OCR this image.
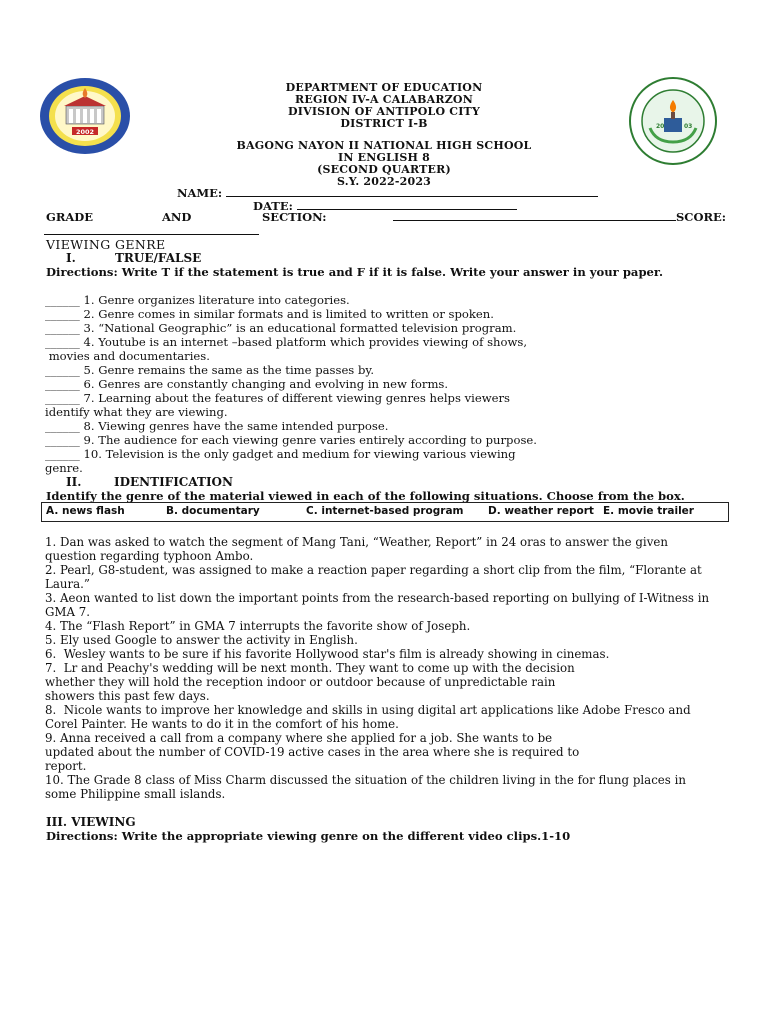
2002
20	03
DEPARTMENT OF EDUCATION
REGION IV-A CALABARZON
DIVISION OF ANTIPOLO CITY
DISTRICT I-B
BAGONG NAYON II NATIONAL HIGH SCHOOL
IN ENGLISH 8
(SECOND QUARTER)
S.Y. 2022-2023
NAME:
DATE:
GRADE	AND	SECTION:	SCORE:
VIEWING GENRE
I.	TRUE/FALSE
Directions: Write T if the statement is true and F if it is false. Write your answer in your paper.
______ 1. Genre organizes literature into categories.
______ 2. Genre comes in similar formats and is limited to written or spoken.
______ 3. “National Geographic” is an educational formatted television program.
______ 4. Youtube is an internet –based platform which provides viewing of shows,
movies and documentaries.
______ 5. Genre remains the same as the time passes by.
______ 6. Genres are constantly changing and evolving in new forms.
______ 7. Learning about the features of different viewing genres helps viewers
identify what they are viewing.
______ 8. Viewing genres have the same intended purpose.
______ 9. The audience for each viewing genre varies entirely according to purpose.
______ 10. Television is the only gadget and medium for viewing various viewing
genre.
II.	IDENTIFICATION
Identify the genre of the material viewed in each of the following situations. Choose from the box.
A. news flash	B. documentary	C. internet-based program D. weather report E. movie trailer
1. Dan was asked to watch the segment of Mang Tani, “Weather, Report” in 24 oras to answer the given
question regarding typhoon Ambo.
2. Pearl, G8-student, was assigned to make a reaction paper regarding a short clip from the film, “Florante at
Laura.”
3. Aeon wanted to list down the important points from the research-based reporting on bullying of I-Witness in
GMA 7.
4. The “Flash Report” in GMA 7 interrupts the favorite show of Joseph.
5. Ely used Google to answer the activity in English.
6.  Wesley wants to be sure if his favorite Hollywood star's film is already showing in cinemas.
7.  Lr and Peachy's wedding will be next month. They want to come up with the decision
whether they will hold the reception indoor or outdoor because of unpredictable rain
showers this past few days.
8.  Nicole wants to improve her knowledge and skills in using digital art applications like Adobe Fresco and
Corel Painter. He wants to do it in the comfort of his home.
9. Anna received a call from a company where she applied for a job. She wants to be
updated about the number of COVID-19 active cases in the area where she is required to
report.
10. The Grade 8 class of Miss Charm discussed the situation of the children living in the for flung places in
some Philippine small islands.
III. VIEWING
Directions: Write the appropriate viewing genre on the different video clips.1-10
